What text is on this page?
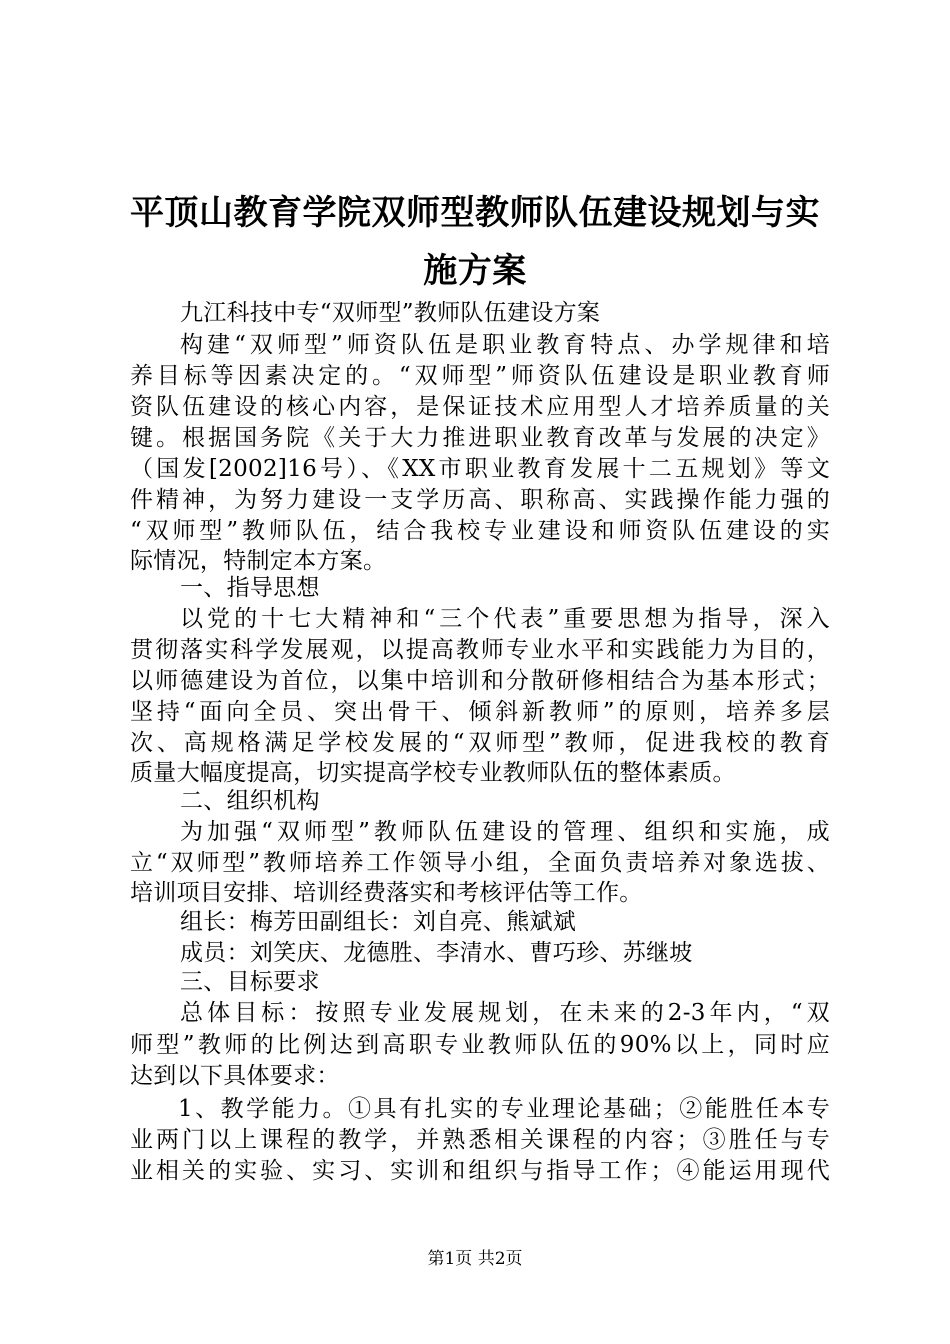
平顶山教育学院双师型教师队伍建设规划与实
施方案
九江科技中专“双师型”教师队伍建设方案
构建“双师型”师资队伍是职业教育特点、办学规律和培
养目标等因素决定的。“双师型”师资队伍建设是职业教育师
资队伍建设的核心内容，是保证技术应用型人才培养质量的关
键。根据国务院《关于大力推进职业教育改革与发展的决定》
（国发[2002]16号）、《XX市职业教育发展十二五规划》等文
件精神，为努力建设一支学历高、职称高、实践操作能力强的
“双师型”教师队伍，结合我校专业建设和师资队伍建设的实
际情况，特制定本方案。
一、指导思想
以党的十七大精神和“三个代表”重要思想为指导，深入
贯彻落实科学发展观，以提高教师专业水平和实践能力为目的，
以师德建设为首位，以集中培训和分散研修相结合为基本形式；
坚持“面向全员、突出骨干、倾斜新教师”的原则，培养多层
次、高规格满足学校发展的“双师型”教师，促进我校的教育
质量大幅度提高，切实提高学校专业教师队伍的整体素质。
二、组织机构
为加强“双师型”教师队伍建设的管理、组织和实施，成
立“双师型”教师培养工作领导小组，全面负责培养对象选拔、
培训项目安排、培训经费落实和考核评估等工作。
组长：梅芳田副组长：刘自亮、熊斌斌
成员：刘笑庆、龙德胜、李清水、曹巧珍、苏继坡
三、目标要求
总体目标：按照专业发展规划，在未来的2-3年内，“双
师型”教师的比例达到高职专业教师队伍的90%以上，同时应
达到以下具体要求：
1、教学能力。①具有扎实的专业理论基础；②能胜任本专
业两门以上课程的教学，并熟悉相关课程的内容；③胜任与专
业相关的实验、实习、实训和组织与指导工作；④能运用现代
第1页 共2页
